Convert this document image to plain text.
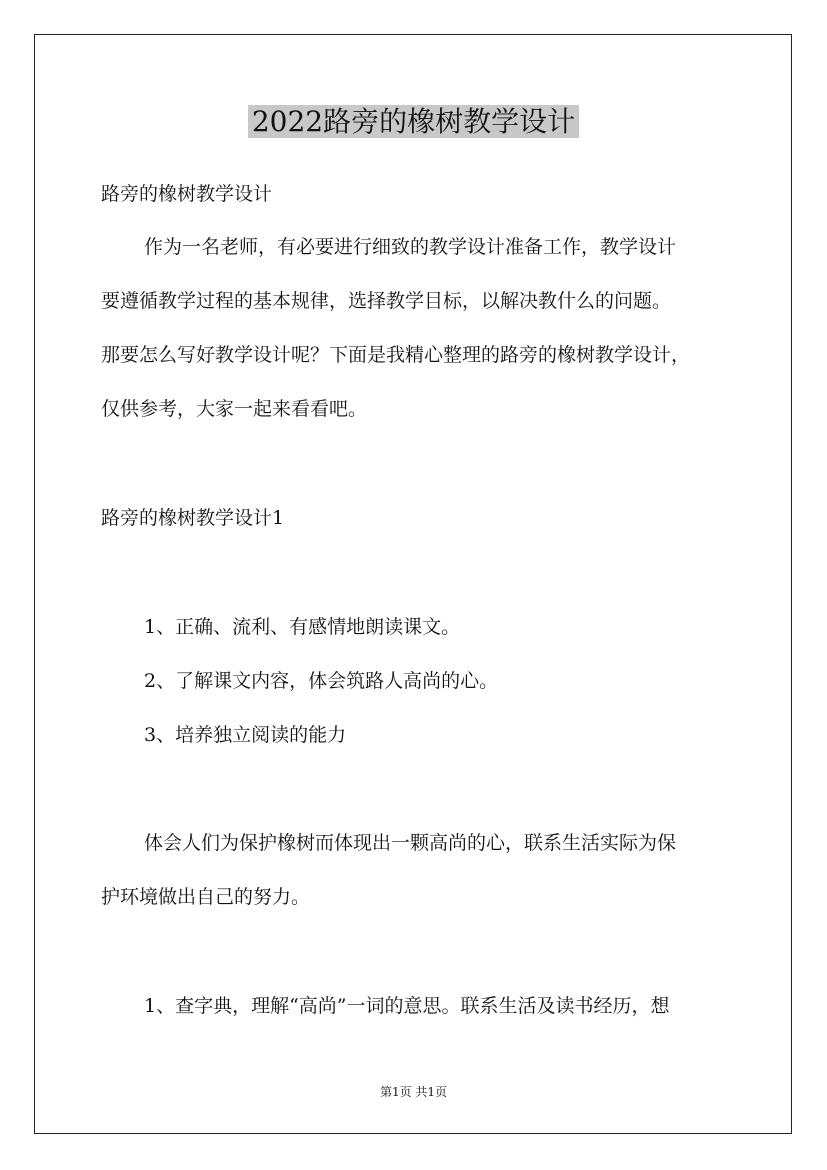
2022路旁的橡树教学设计

路旁的橡树教学设计

作为一名老师，有必要进行细致的教学设计准备工作，教学设计

要遵循教学过程的基本规律，选择教学目标，以解决教什么的问题。

那要怎么写好教学设计呢？下面是我精心整理的路旁的橡树教学设计，

仅供参考，大家一起来看看吧。

路旁的橡树教学设计1

1、正确、流利、有感情地朗读课文。

2、了解课文内容，体会筑路人高尚的心。

3、培养独立阅读的能力

体会人们为保护橡树而体现出一颗高尚的心，联系生活实际为保

护环境做出自己的努力。

1、查字典，理解“高尚”一词的意思。联系生活及读书经历，想

第1页 共1页
